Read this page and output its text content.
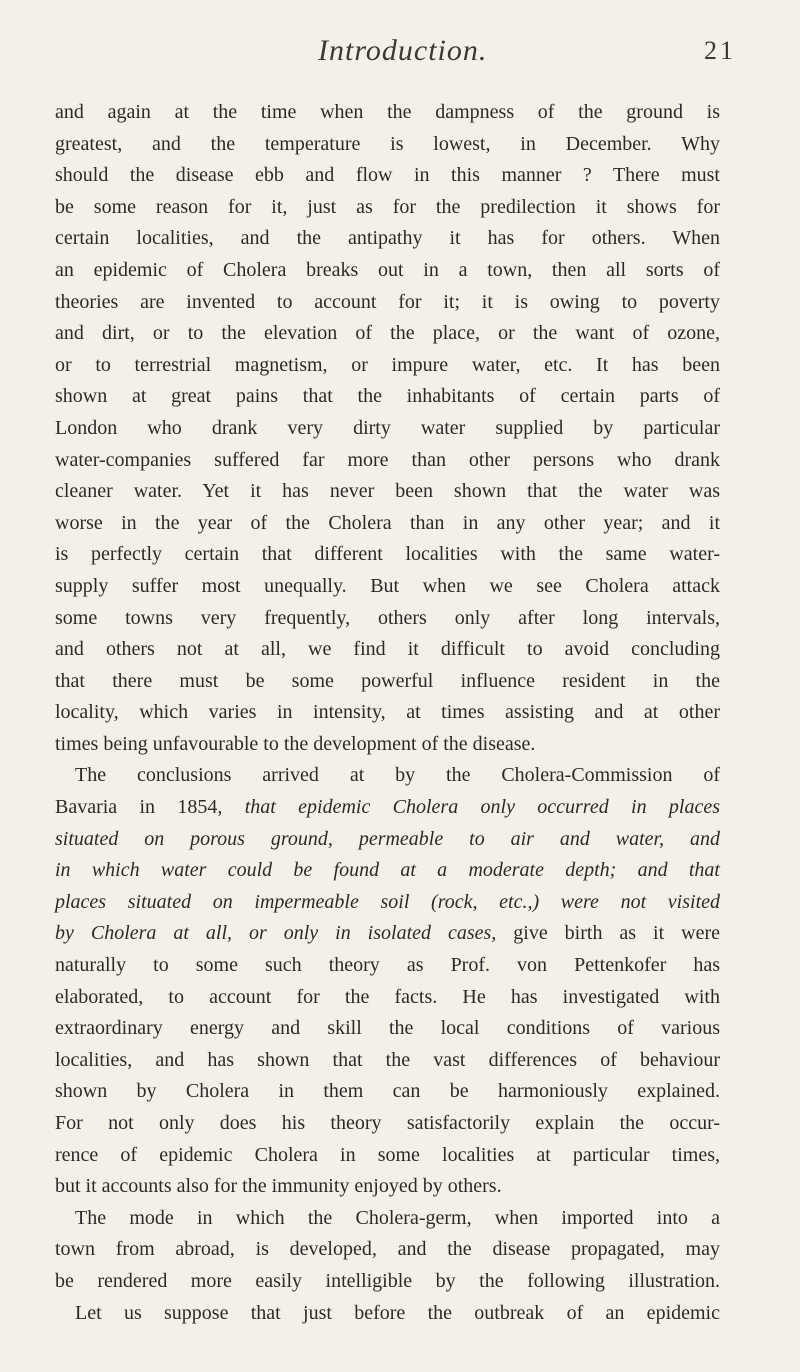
Introduction.	21
and again at the time when the dampness of the ground is
greatest, and the temperature is lowest, in December. Why
should the disease ebb and flow in this manner ? There must
be some reason for it, just as for the predilection it shows for
certain localities, and the antipathy it has for others. When
an epidemic of Cholera breaks out in a town, then all sorts of
theories are invented to account for it; it is owing to poverty
and dirt, or to the elevation of the place, or the want of ozone,
or to terrestrial magnetism, or impure water, etc. It has been
shown at great pains that the inhabitants of certain parts of
London who drank very dirty water supplied by particular
water-companies suffered far more than other persons who drank
cleaner water. Yet it has never been shown that the water was
worse in the year of the Cholera than in any other year; and it
is perfectly certain that different localities with the same water-
supply suffer most unequally. But when we see Cholera attack
some towns very frequently, others only after long intervals,
and others not at all, we find it difficult to avoid concluding
that there must be some powerful influence resident in the
locality, which varies in intensity, at times assisting and at other
times being unfavourable to the development of the disease.
The conclusions arrived at by the Cholera-Commission of
Bavaria in 1854, that epidemic Cholera only occurred in places
situated on porous ground, permeable to air and water, and
in which water could be found at a moderate depth; and that
places situated on impermeable soil (rock, etc.,) were not visited
by Cholera at all, or only in isolated cases, give birth as it were
naturally to some such theory as Prof. von Pettenkofer has
elaborated, to account for the facts. He has investigated with
extraordinary energy and skill the local conditions of various
localities, and has shown that the vast differences of behaviour
shown by Cholera in them can be harmoniously explained.
For not only does his theory satisfactorily explain the occur-
rence of epidemic Cholera in some localities at particular times,
but it accounts also for the immunity enjoyed by others.
The mode in which the Cholera-germ, when imported into a
town from abroad, is developed, and the disease propagated, may
be rendered more easily intelligible by the following illustration.
Let us suppose that just before the outbreak of an epidemic
